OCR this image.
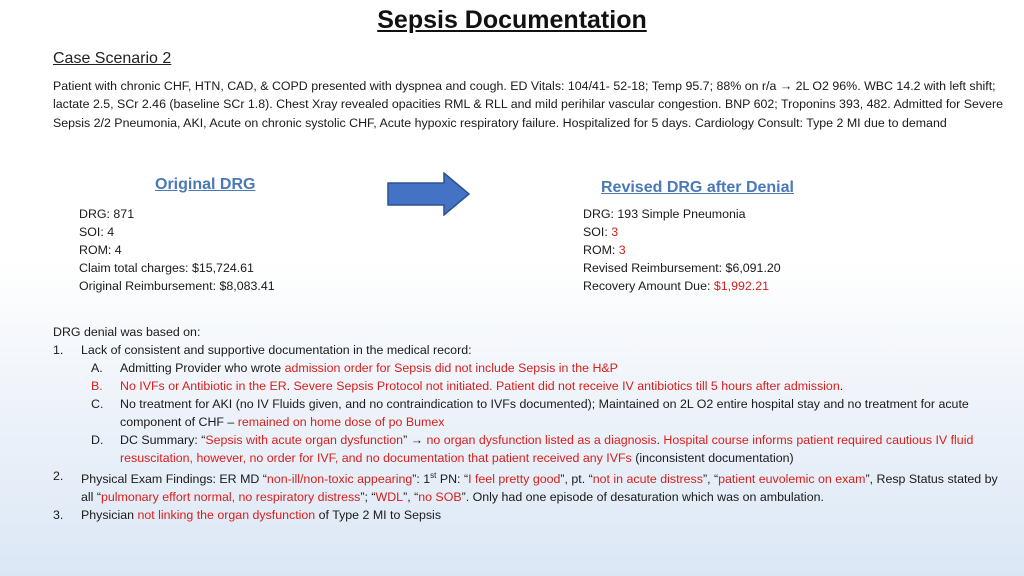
Sepsis Documentation
Case Scenario 2
Patient with chronic CHF, HTN, CAD, & COPD presented with dyspnea and cough. ED Vitals: 104/41- 52-18; Temp 95.7; 88% on r/a → 2L O2 96%. WBC 14.2 with left shift; lactate 2.5, SCr 2.46 (baseline SCr 1.8). Chest Xray revealed opacities RML & RLL and mild perihilar vascular congestion. BNP 602; Troponins 393, 482. Admitted for Severe Sepsis 2/2 Pneumonia, AKI, Acute on chronic systolic CHF, Acute hypoxic respiratory failure. Hospitalized for 5 days. Cardiology Consult: Type 2 MI due to demand
Original DRG	Revised DRG after Denial
DRG: 871
SOI: 4
ROM: 4
Claim total charges: $15,724.61
Original Reimbursement: $8,083.41
DRG: 193 Simple Pneumonia
SOI: 3
ROM: 3
Revised Reimbursement: $6,091.20
Recovery Amount Due: $1,992.21
DRG denial was based on:
1. Lack of consistent and supportive documentation in the medical record:
A. Admitting Provider who wrote admission order for Sepsis did not include Sepsis in the H&P
B. No IVFs or Antibiotic in the ER. Severe Sepsis Protocol not initiated. Patient did not receive IV antibiotics till 5 hours after admission.
C. No treatment for AKI (no IV Fluids given, and no contraindication to IVFs documented); Maintained on 2L O2 entire hospital stay and no treatment for acute component of CHF – remained on home dose of po Bumex
D. DC Summary: “Sepsis with acute organ dysfunction” → no organ dysfunction listed as a diagnosis. Hospital course informs patient required cautious IV fluid resuscitation, however, no order for IVF, and no documentation that patient received any IVFs (inconsistent documentation)
2. Physical Exam Findings: ER MD “non-ill/non-toxic appearing”: 1st PN: “I feel pretty good”, pt. “not in acute distress”, “patient euvolemic on exam”, Resp Status stated by all “pulmonary effort normal, no respiratory distress”; “WDL”, “no SOB”. Only had one episode of desaturation which was on ambulation.
3. Physician not linking the organ dysfunction of Type 2 MI to Sepsis
